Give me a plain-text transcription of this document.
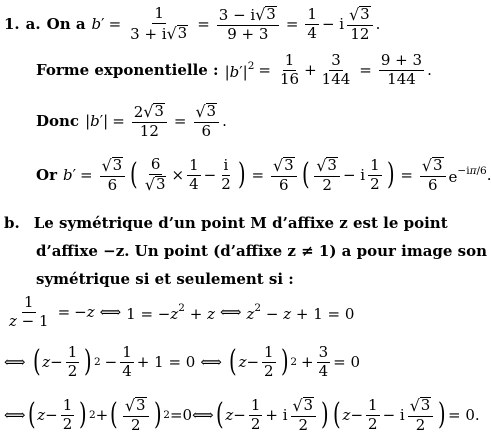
1. a. On a b ′ = $\frac{1}{3 + i √ 3} = \frac{3 - i √ 3}{9 + 3} = \frac{1}{4} - i \frac{√ 3}{12}$ .
Forme exponentielle : $|b'|^2 = \frac{1}{16} + \frac{3}{144} = \frac{9 + 3}{144}$ .
Donc $|b'| = \frac{2 √ 3}{12} = \frac{√ 3}{6}$ .
Or b ′ = $\frac{√ 3}{6}$ ( $\frac{6}{√ 3} \times \frac{1}{4} - \frac{i}{2}$ ) = $\frac{√ 3}{6}$ ( $\frac{√ 3}{2} - i \frac{1}{2}$ ) = $\frac{√ 3}{6} e^{-i\pi/6}$ .
b. Le symétrique d’un point M d’affixe z est le point
d’affixe −z. Un point (d’affixe z ≠ 1) a pour image son
symétrique si et seulement si :
$\frac{1}{z - 1} = -z$ ⟺ $1 = -z^2 + z$ ⟺ $z^2 - z + 1 = 0$
⟺ ( $z - \frac{1}{2}$ ) $2 - \frac{1}{4} + 1 = 0$ ⟺ ( $z - \frac{1}{2}$ ) $2 + \frac{3}{4} = 0$
⟺ ( $z - \frac{1}{2}$ ) 2 + ( $\frac{√ 3}{2}$ ) 2 =0 ⟺ ( $z - \frac{1}{2} + i \frac{√ 3}{2}$ ) ( $z - \frac{1}{2} - i \frac{√ 3}{2}$ ) = 0.
